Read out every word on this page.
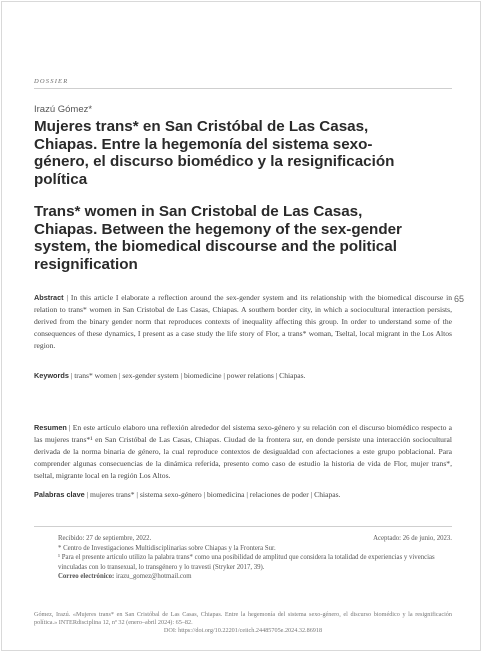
DOSSIER
Irazú Gómez*
Mujeres trans* en San Cristóbal de Las Casas, Chiapas. Entre la hegemonía del sistema sexo-género, el discurso biomédico y la resignificación política
Trans* women in San Cristobal de Las Casas, Chiapas. Between the hegemony of the sex-gender system, the biomedical discourse and the political resignification
65
Abstract | In this article I elaborate a reflection around the sex-gender system and its relationship with the biomedical discourse in relation to trans* women in San Cristobal de Las Casas, Chiapas. A southern border city, in which a sociocultural interaction persists, derived from the binary gender norm that reproduces contexts of inequality affecting this group. In order to understand some of the consequences of these dynamics, I present as a case study the life story of Flor, a trans* woman, Tseltal, local migrant in the Los Altos region.
Keywords | trans* women | sex-gender system | biomedicine | power relations | Chiapas.
Resumen | En este artículo elaboro una reflexión alrededor del sistema sexo-género y su relación con el discurso biomédico respecto a las mujeres trans*¹ en San Cristóbal de Las Casas, Chiapas. Ciudad de la frontera sur, en donde persiste una interacción sociocultural derivada de la norma binaria de género, la cual reproduce contextos de desigualdad con afectaciones a este grupo poblacional. Para comprender algunas consecuencias de la dinámica referida, presento como caso de estudio la historia de vida de Flor, mujer trans*, tseltal, migrante local en la región Los Altos.
Palabras clave | mujeres trans* | sistema sexo-género | biomedicina | relaciones de poder | Chiapas.
Recibido: 27 de septiembre, 2022.	Aceptado: 26 de junio, 2023.
* Centro de Investigaciones Multidisciplinarias sobre Chiapas y la Frontera Sur.
¹ Para el presente artículo utilizo la palabra trans* como una posibilidad de amplitud que considera la totalidad de experiencias y vivencias vinculadas con lo transexual, lo transgénero y lo travesti (Stryker 2017, 39).
Correo electrónico: irazu_gomez@hotmail.com
Gómez, Irazú. «Mujeres trans* en San Cristóbal de Las Casas, Chiapas. Entre la hegemonía del sistema sexo-género, el discurso biomédico y la resignificación política.» INTERdisciplina 12, nº 32 (enero–abril 2024): 65–82.
DOI: https://doi.org/10.22201/ceiich.24485705e.2024.32.86918
